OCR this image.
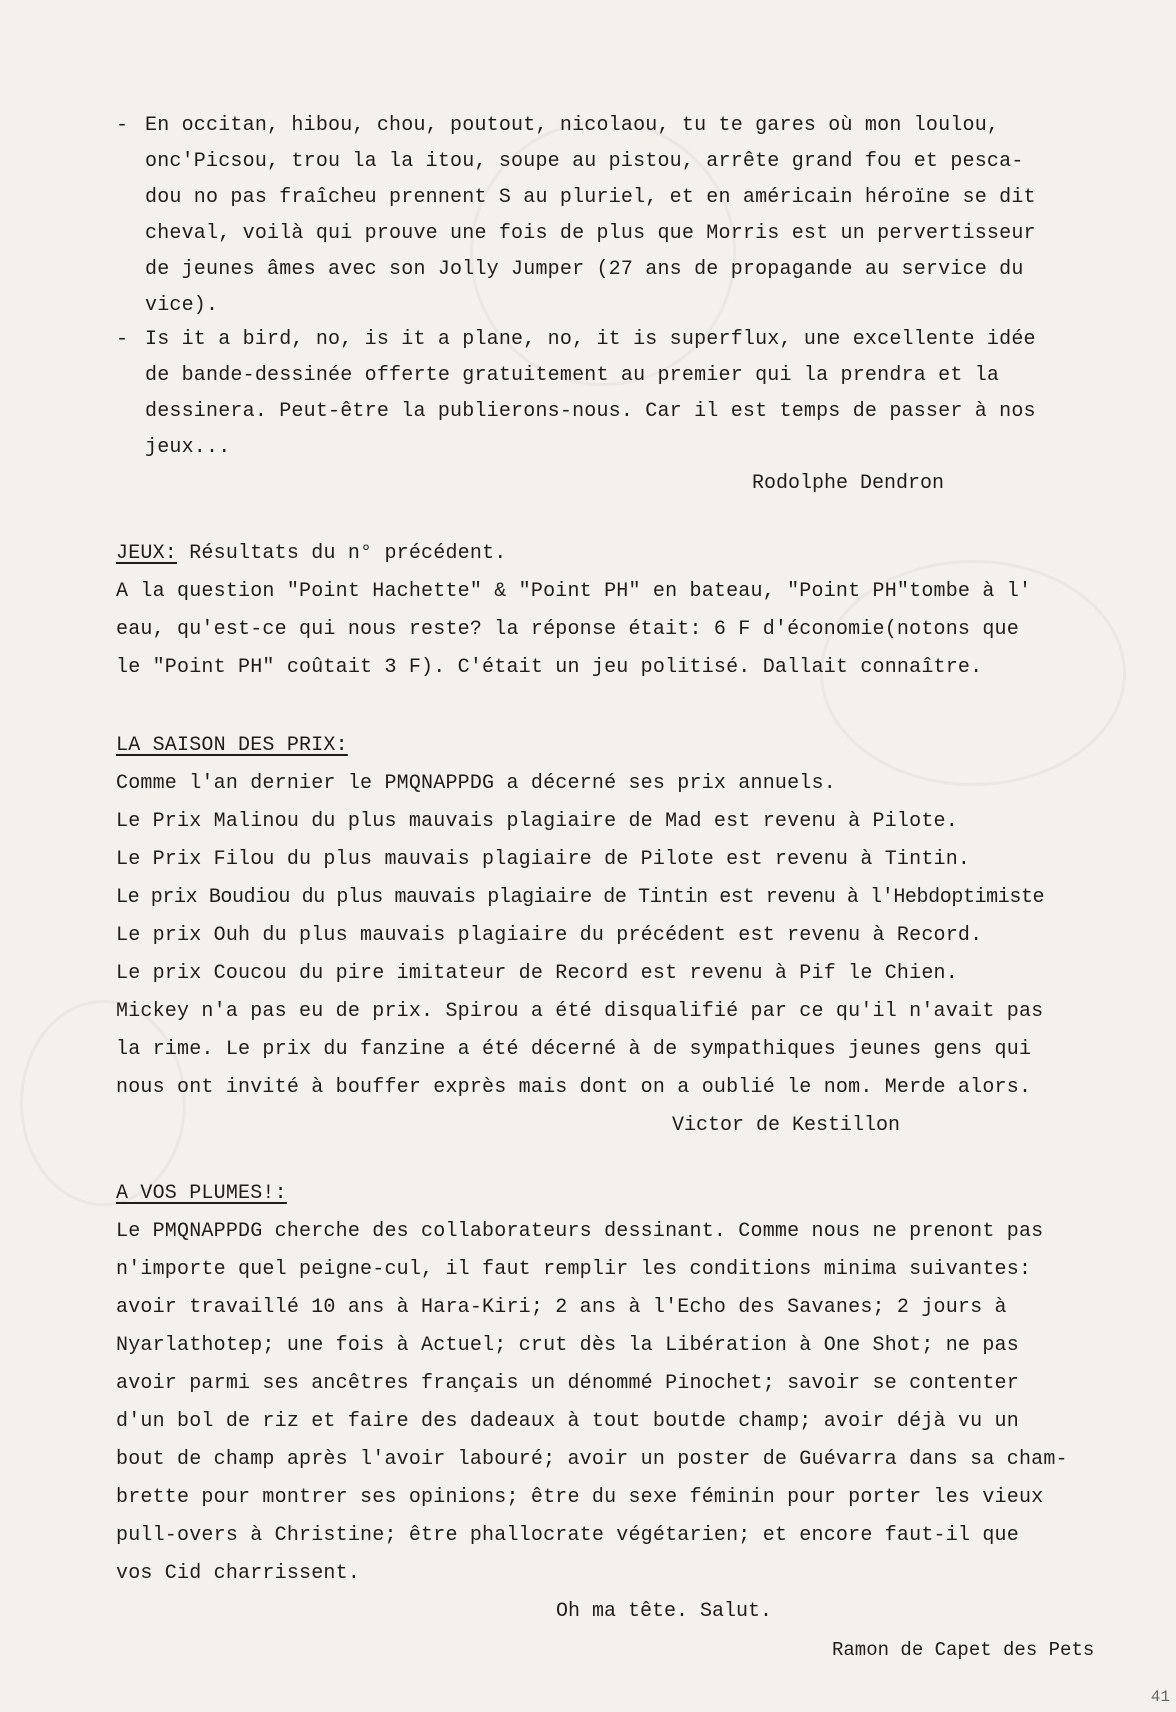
- En occitan, hibou, chou, poutout, nicolaou, tu te gares où mon loulou,
onc'Picsou, trou la la itou, soupe au pistou, arrête grand fou et pesca-
dou no pas fraîcheu prennent S au pluriel, et en américain héroïne se dit
cheval, voilà qui prouve une fois de plus que Morris est un pervertisseur
de jeunes âmes avec son Jolly Jumper (27 ans de propagande au service du
vice).
- Is it a bird, no, is it a plane, no, it is superflux, une excellente idée
de bande-dessinée offerte gratuitement au premier qui la prendra et la
dessinera. Peut-être la publierons-nous. Car il est temps de passer à nos
jeux...
Rodolphe Dendron
JEUX: Résultats du n° précédent.
A la question "Point Hachette" & "Point PH" en bateau, "Point PH"tombe à l'
eau, qu'est-ce qui nous reste? la réponse était: 6 F d'économie(notons que
le "Point PH" coûtait 3 F). C'était un jeu politisé. Dallait connaître.
LA SAISON DES PRIX:
Comme l'an dernier le PMQNAPPDG a décerné ses prix annuels.
Le Prix Malinou du plus mauvais plagiaire de Mad est revenu à Pilote.
Le Prix Filou du plus mauvais plagiaire de Pilote est revenu à Tintin.
Le prix Boudiou du plus mauvais plagiaire de Tintin est revenu à l'Hebdoptimiste
Le prix Ouh du plus mauvais plagiaire du précédent est revenu à Record.
Le prix Coucou du pire imitateur de Record est revenu à Pif le Chien.
Mickey n'a pas eu de prix. Spirou a été disqualifié par ce qu'il n'avait pas
la rime. Le prix du fanzine a été décerné à de sympathiques jeunes gens qui
nous ont invité à bouffer exprès mais dont on a oublié le nom. Merde alors.
Victor de Kestillon
A VOS PLUMES!:
Le PMQNAPPDG cherche des collaborateurs dessinant. Comme nous ne prenont pas
n'importe quel peigne-cul, il faut remplir les conditions minima suivantes:
avoir travaillé 10 ans à Hara-Kiri; 2 ans à l'Echo des Savanes; 2 jours à
Nyarlathotep; une fois à Actuel; crut dès la Libération à One Shot; ne pas
avoir parmi ses ancêtres français un dénommé Pinochet; savoir se contenter
d'un bol de riz et faire des dadeaux à tout boutde champ; avoir déjà vu un
bout de champ après l'avoir labouré; avoir un poster de Guévarra dans sa cham-
brette pour montrer ses opinions; être du sexe féminin pour porter les vieux
pull-overs à Christine; être phallocrate végétarien; et encore faut-il que
vos Cid charrissent.
Oh ma tête. Salut.
Ramon de Capet des Pets
41
